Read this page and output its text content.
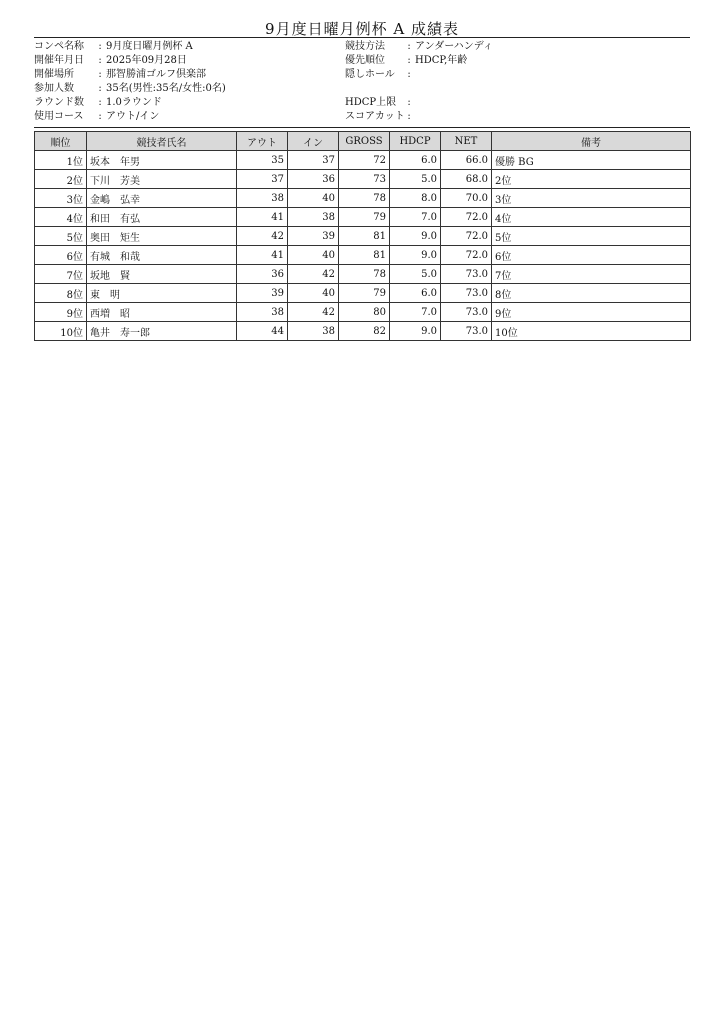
9月度日曜月例杯 A 成績表
コンペ名称	: 9月度日曜月例杯 A
開催年月日	: 2025年09月28日
開催場所	: 那智勝浦ゴルフ倶楽部
参加人数	: 35名(男性:35名/女性:0名)
ラウンド数	: 1.0ラウンド
使用コース	: アウト/イン
競技方法	: アンダーハンディ
優先順位	: HDCP,年齢
隠しホール	:
HDCP上限	:
スコアカット :
順位	競技者氏名	アウト	イン	GROSS	HDCP	NET	備考
1位	坂本　年男	35	37	72	6.0	66.0	優勝 BG
2位	下川　芳美	37	36	73	5.0	68.0	2位
3位	金嶋　弘幸	38	40	78	8.0	70.0	3位
4位	和田　有弘	41	38	79	7.0	72.0	4位
5位	奥田　矩生	42	39	81	9.0	72.0	5位
6位	有城　和哉	41	40	81	9.0	72.0	6位
7位	坂地　賢	36	42	78	5.0	73.0	7位
8位	東　明	39	40	79	6.0	73.0	8位
9位	西増　昭	38	42	80	7.0	73.0	9位
10位	亀井　寿一郎	44	38	82	9.0	73.0	10位
